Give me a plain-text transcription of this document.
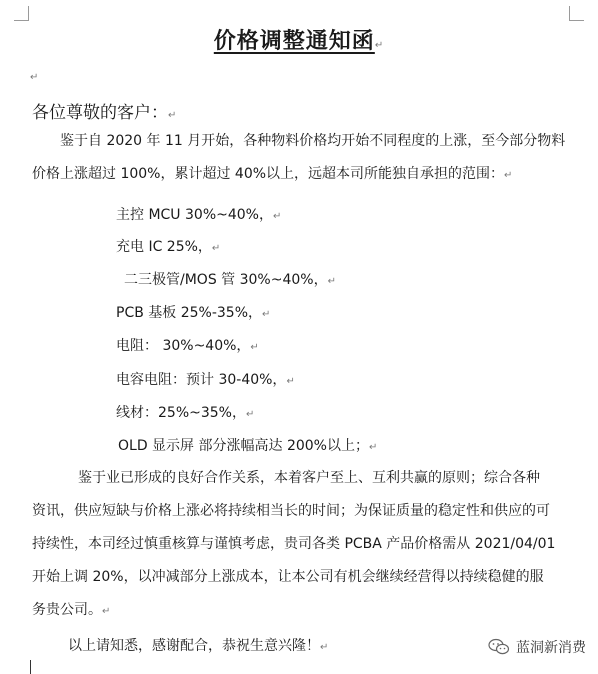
价格调整通知函↵
↵
各位尊敬的客户：↵
鉴于自 2020 年 11 月开始，各种物料价格均开始不同程度的上涨，至今部分物料
价格上涨超过 100%，累计超过 40%以上，远超本司所能独自承担的范围：↵
主控 MCU 30%~40%，↵
充电 IC 25%，↵
二三极管/MOS 管 30%~40%，↵
PCB 基板 25%-35%，↵
电阻： 30%~40%，↵
电容电阻：预计 30-40%，↵
线材：25%~35%，↵
OLD 显示屏 部分涨幅高达 200%以上；↵
鉴于业已形成的良好合作关系，本着客户至上、互利共赢的原则；综合各种
资讯，供应短缺与价格上涨必将持续相当长的时间；为保证质量的稳定性和供应的可
持续性，本司经过慎重核算与谨慎考虑，贵司各类 PCBA 产品价格需从 2021/04/01
开始上调 20%，以冲减部分上涨成本，让本公司有机会继续经营得以持续稳健的服
务贵公司。↵
以上请知悉，感谢配合，恭祝生意兴隆！↵	蓝洞新消费
